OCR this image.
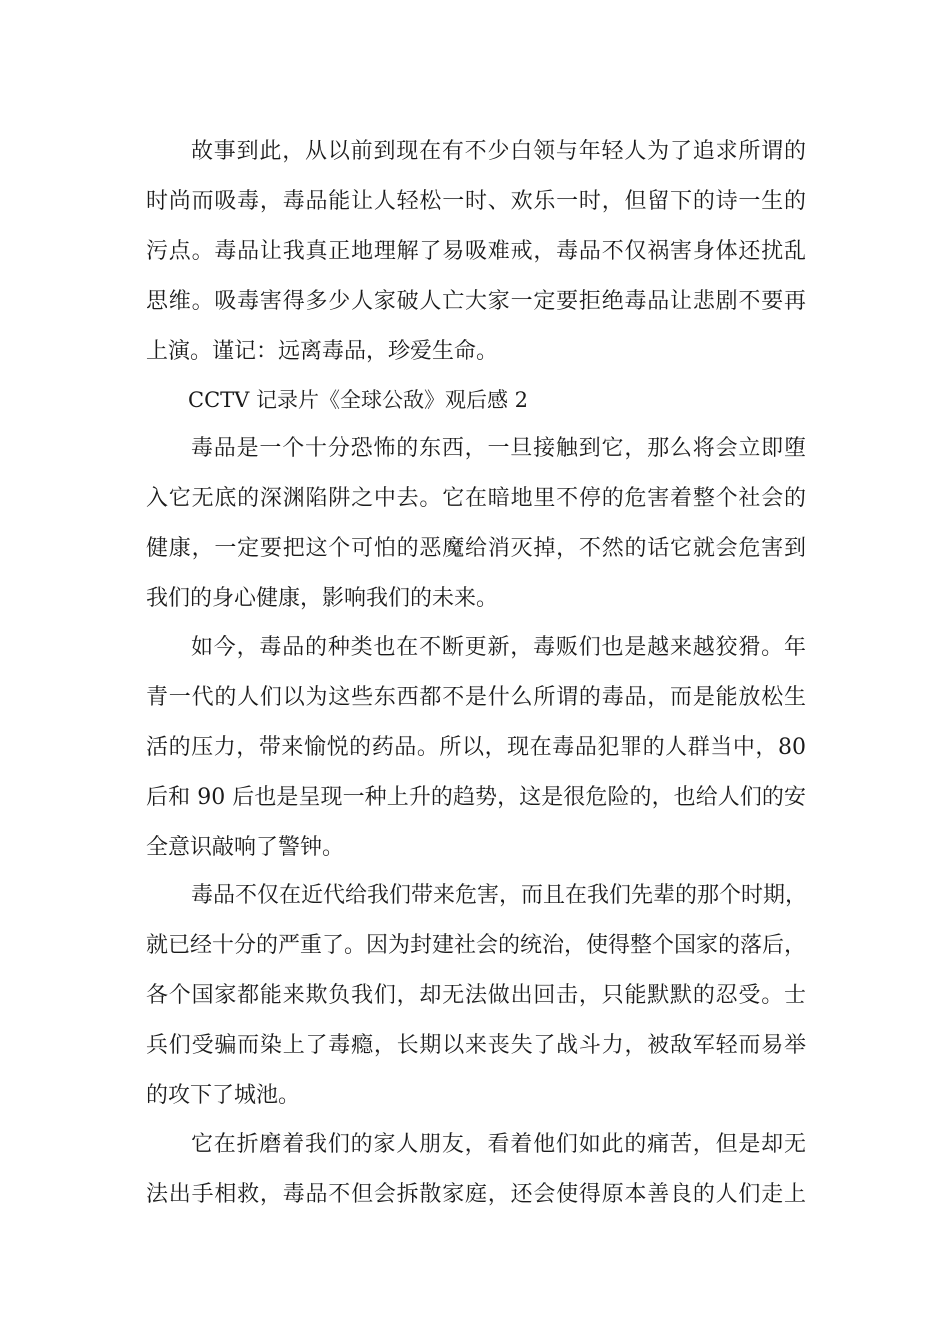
故事到此，从以前到现在有不少白领与年轻人为了追求所谓的
时尚而吸毒，毒品能让人轻松一时、欢乐一时，但留下的诗一生的
污点。毒品让我真正地理解了易吸难戒，毒品不仅祸害身体还扰乱
思维。吸毒害得多少人家破人亡大家一定要拒绝毒品让悲剧不要再
上演。谨记：远离毒品，珍爱生命。
CCTV 记录片《全球公敌》观后感 2
毒品是一个十分恐怖的东西，一旦接触到它，那么将会立即堕
入它无底的深渊陷阱之中去。它在暗地里不停的危害着整个社会的
健康，一定要把这个可怕的恶魔给消灭掉，不然的话它就会危害到
我们的身心健康，影响我们的未来。
如今，毒品的种类也在不断更新，毒贩们也是越来越狡猾。年
青一代的人们以为这些东西都不是什么所谓的毒品，而是能放松生
活的压力，带来愉悦的药品。所以，现在毒品犯罪的人群当中，80
后和 90 后也是呈现一种上升的趋势，这是很危险的，也给人们的安
全意识敲响了警钟。
毒品不仅在近代给我们带来危害，而且在我们先辈的那个时期，
就已经十分的严重了。因为封建社会的统治，使得整个国家的落后，
各个国家都能来欺负我们，却无法做出回击，只能默默的忍受。士
兵们受骗而染上了毒瘾，长期以来丧失了战斗力，被敌军轻而易举
的攻下了城池。
它在折磨着我们的家人朋友，看着他们如此的痛苦，但是却无
法出手相救，毒品不但会拆散家庭，还会使得原本善良的人们走上
